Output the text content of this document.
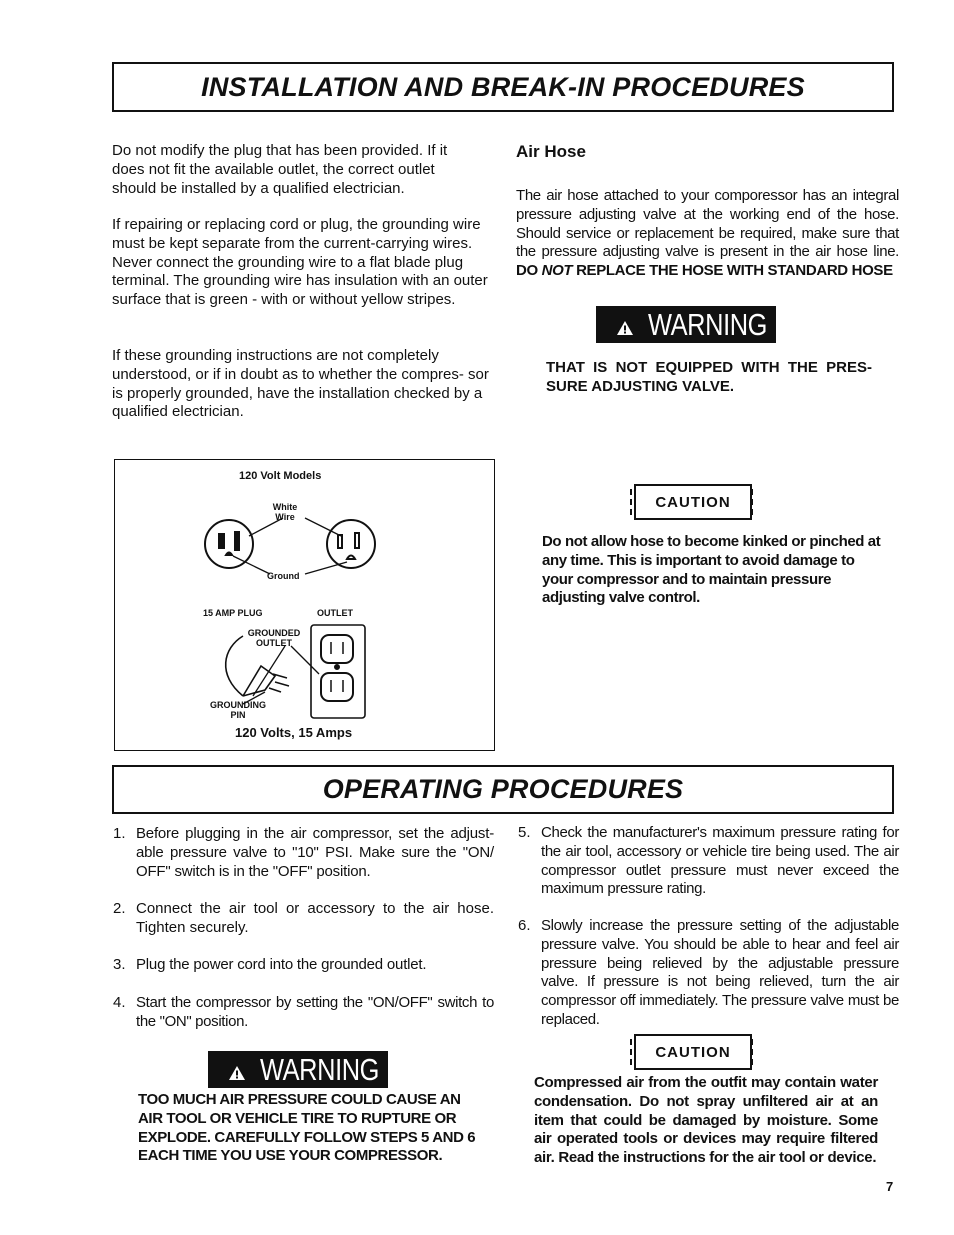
INSTALLATION AND BREAK-IN PROCEDURES

Do not modify the plug that has been provided. If it does not fit the available outlet, the correct outlet should be installed by a qualified electrician.

If repairing or replacing cord or plug, the grounding wire must be kept separate from the current-carrying wires. Never connect the grounding wire to a flat blade plug terminal. The grounding wire has insulation with an outer surface that is green - with or without yellow stripes.

If these grounding instructions are not completely understood, or if in doubt as to whether the compres- sor is properly grounded, have the installation checked by a qualified electrician.

Air Hose

The air hose attached to your comporessor has an integral pressure adjusting valve at the working end of the hose. Should service or replacement be required, make sure that the pressure adjusting valve is present in the air hose line. DO NOT REPLACE THE HOSE WITH STANDARD HOSE

WARNING

THAT IS NOT EQUIPPED WITH THE PRES- SURE ADJUSTING VALVE.

CAUTION

Do not allow hose to become kinked or pinched at any time. This is important to avoid damage to your compressor and to maintain pressure adjusting valve control.

120 Volt Models
White Wire
Ground
15 AMP PLUG	OUTLET
GROUNDED OUTLET
GROUNDING PIN
120 Volts, 15 Amps
OPERATING PROCEDURES
1. Before plugging in the air compressor, set the adjust- able pressure valve to "10" PSI. Make sure the "ON/ OFF" switch is in the "OFF" position.
2. Connect the air tool or accessory to the air hose. Tighten securely.
3. Plug the power cord into the grounded outlet.
4. Start the compressor by setting the "ON/OFF" switch to the "ON" position.
5. Check the manufacturer's maximum pressure rating for the air tool, accessory or vehicle tire being used. The air compressor outlet pressure must never exceed the maximum pressure rating.
6. Slowly increase the pressure setting of the adjustable pressure valve. You should be able to hear and feel air pressure being relieved by the adjustable pressure valve. If pressure is not being relieved, turn the air compressor off immediately. The pressure valve must be replaced.
WARNING

TOO MUCH AIR PRESSURE COULD CAUSE AN AIR TOOL OR VEHICLE TIRE TO RUPTURE OR EXPLODE. CAREFULLY FOLLOW STEPS 5 AND 6 EACH TIME YOU USE YOUR COMPRESSOR.

CAUTION

Compressed air from the outfit may contain water condensation. Do not spray unfiltered air at an item that could be damaged by moisture. Some air operated tools or devices may require filtered air. Read the instructions for the air tool or device.

7
